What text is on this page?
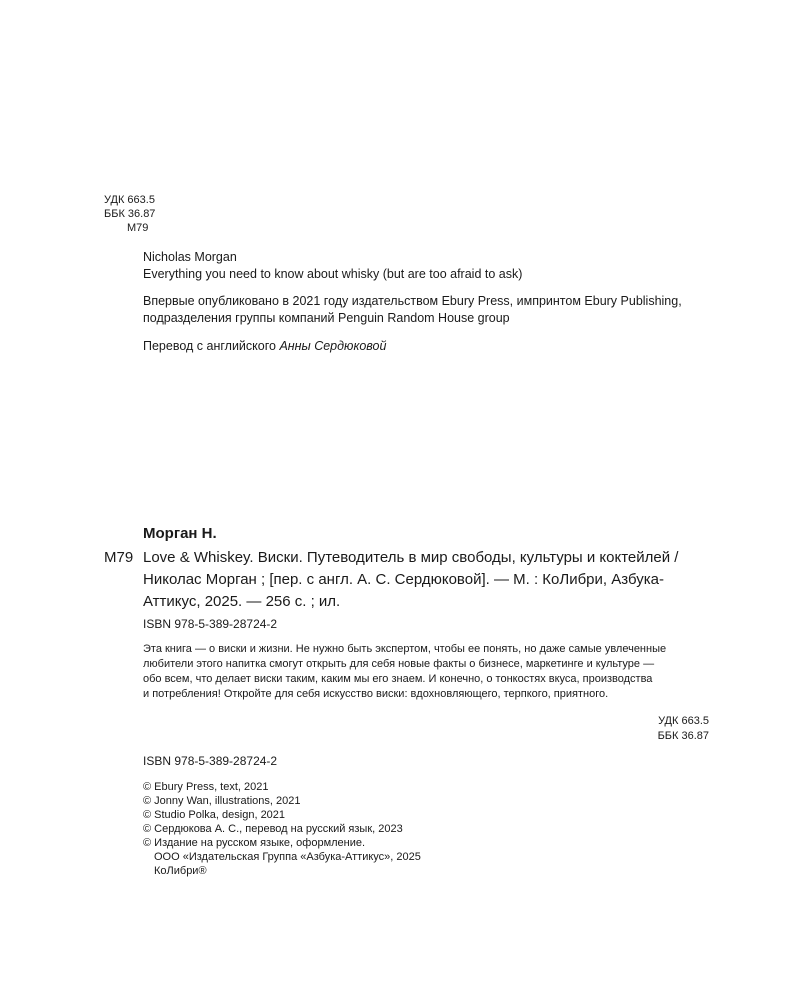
УДК 663.5

ББК 36.87

М79

Nicholas Morgan

Everything you need to know about whisky (but are too afraid to ask)

Впервые опубликовано в 2021 году издательством Ebury Press, импринтом Ebury Publishing,

подразделения группы компаний Penguin Random House group

Перевод с английского Анны Сердюковой

Морган Н.

М79 Love & Whiskey. Виски. Путеводитель в мир свободы, культуры и коктейлей /

Николас Морган ; [пер. с англ. А. С. Сердюковой]. — М. : КоЛибри, Азбука-

Аттикус, 2025. — 256 с. ; ил.

ISBN 978-5-389-28724-2

Эта книга — о виски и жизни. Не нужно быть экспертом, чтобы ее понять, но даже самые увлеченные

любители этого напитка смогут открыть для себя новые факты о бизнесе, маркетинге и культуре —

обо всем, что делает виски таким, каким мы его знаем. И конечно, о тонкостях вкуса, производства

и потребления! Откройте для себя искусство виски: вдохновляющего, терпкого, приятного.

УДК 663.5

ББК 36.87

ISBN 978-5-389-28724-2

© Ebury Press, text, 2021

© Jonny Wan, illustrations, 2021

© Studio Polka, design, 2021

© Сердюкова А. С., перевод на русский язык, 2023

© Издание на русском языке, оформление.

ООО «Издательская Группа «Азбука-Аттикус», 2025

КоЛибри®
